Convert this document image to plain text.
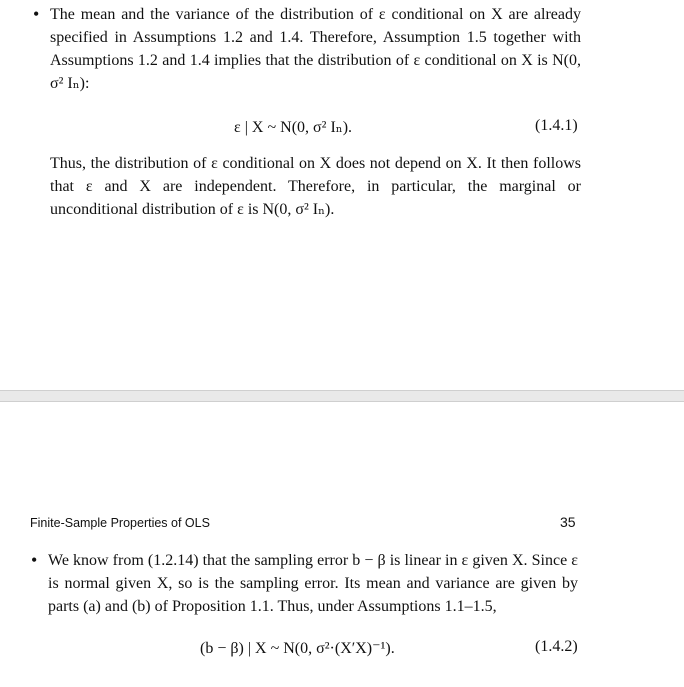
• The mean and the variance of the distribution of ε conditional on X are already specified in Assumptions 1.2 and 1.4. Therefore, Assumption 1.5 together with Assumptions 1.2 and 1.4 implies that the distribution of ε conditional on X is N(0, σ² Iₙ):
ε | X ~ N(0, σ² Iₙ).	(1.4.1)
Thus, the distribution of ε conditional on X does not depend on X. It then follows that ε and X are independent. Therefore, in particular, the marginal or unconditional distribution of ε is N(0, σ² Iₙ).
Finite-Sample Properties of OLS	35
• We know from (1.2.14) that the sampling error b − β is linear in ε given X. Since ε is normal given X, so is the sampling error. Its mean and variance are given by parts (a) and (b) of Proposition 1.1. Thus, under Assumptions 1.1–1.5,
(b − β) | X ~ N(0, σ²·(X′X)⁻¹).	(1.4.2)
